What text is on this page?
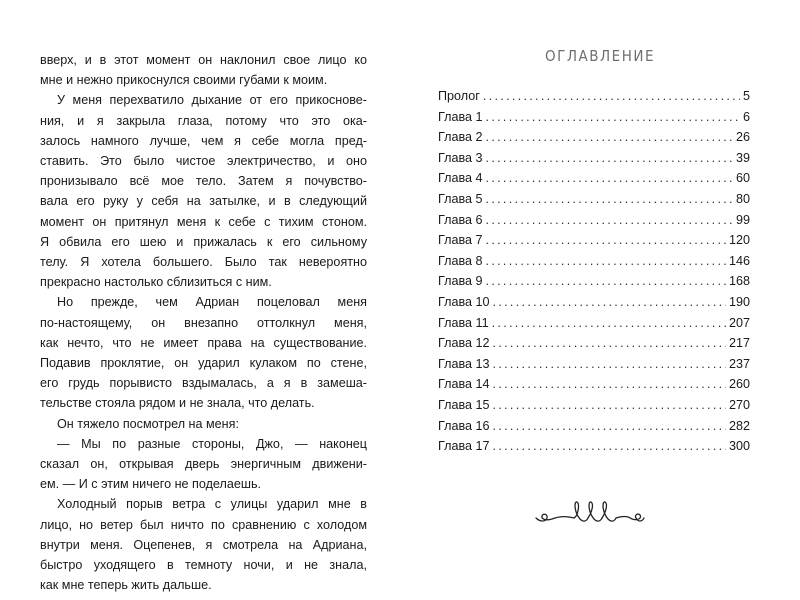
вверх, и в этот момент он наклонил свое лицо ко
мне и нежно прикоснулся своими губами к моим.

У меня перехватило дыхание от его прикоснове-
ния, и я закрыла глаза, потому что это ока-
залось намного лучше, чем я себе могла пред-
ставить. Это было чистое электричество, и оно
пронизывало всё мое тело. Затем я почувство-
вала его руку у себя на затылке, и в следующий
момент он притянул меня к себе с тихим стоном.
Я обвила его шею и прижалась к его сильному
телу. Я хотела большего. Было так невероятно
прекрасно настолько сблизиться с ним.

Но прежде, чем Адриан поцеловал меня
по-настоящему, он внезапно оттолкнул меня,
как нечто, что не имеет права на существование.
Подавив проклятие, он ударил кулаком по стене,
его грудь порывисто вздымалась, а я в замеша-
тельстве стояла рядом и не знала, что делать.

Он тяжело посмотрел на меня:

— Мы по разные стороны, Джо, — наконец
сказал он, открывая дверь энергичным движени-
ем. — И с этим ничего не поделаешь.

Холодный порыв ветра с улицы ударил мне в
лицо, но ветер был ничто по сравнению с холодом
внутри меня. Оцепенев, я смотрела на Адриана,
быстро уходящего в темноту ночи, и не знала,
как мне теперь жить дальше.

ОГЛАВЛЕНИЕ
Пролог . . .	5
Глава 1 . . .	6
Глава 2 . . .	26
Глава 3 . . .	39
Глава 4 . . .	60
Глава 5 . . .	80
Глава 6 . . .	99
Глава 7 . . .	120
Глава 8 . . .	146
Глава 9 . . .	168
Глава 10 . . .	190
Глава 11 . . .	207
Глава 12 . . .	217
Глава 13 . . .	237
Глава 14 . . .	260
Глава 15 . . .	270
Глава 16 . . .	282
Глава 17 . . .	300
